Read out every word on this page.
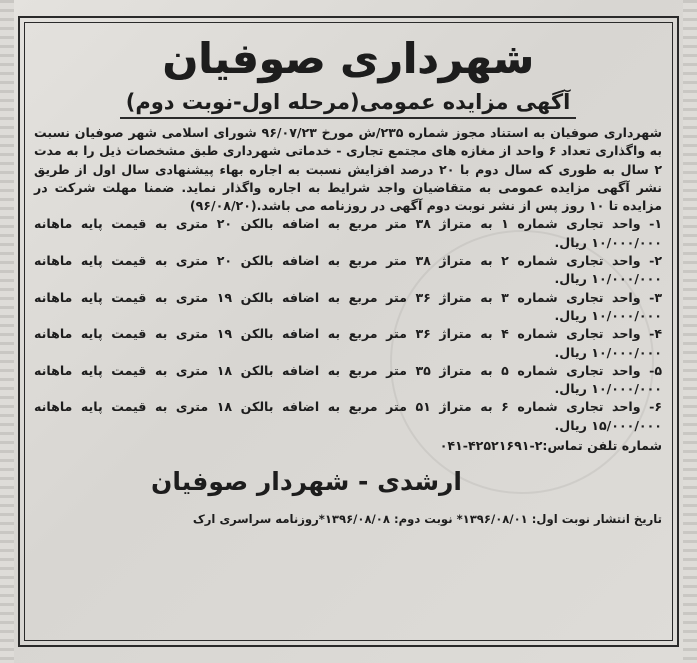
شهرداری صوفیان
آگهی مزایده عمومی(مرحله اول-نوبت دوم)
شهرداری صوفیان به استناد مجوز شماره ۲۳۵/ش مورخ ۹۶/۰۷/۲۳ شورای اسلامی شهر صوفیان نسبت به واگذاری تعداد ۶ واحد از مغازه های مجتمع تجاری - خدماتی شهرداری طبق مشخصات ذیل را به مدت ۲ سال به طوری که سال دوم با ۲۰ درصد افزایش نسبت به اجاره بهاء پیشنهادی سال اول از طریق نشر آگهی مزایده عمومی به متقاضیان واجد شرایط به اجاره واگذار نماید. ضمنا مهلت شرکت در مزایده تا ۱۰ روز پس از نشر نوبت دوم آگهی در روزنامه می باشد.(۹۶/۰۸/۲۰)
۱- واحد تجاری شماره ۱ به متراژ ۳۸ متر مربع به اضافه بالکن ۲۰ متری به قیمت پایه ماهانه
۱۰/۰۰۰/۰۰۰ ریال.
۲- واحد تجاری شماره ۲ به متراژ ۳۸ متر مربع به اضافه بالکن ۲۰ متری به قیمت پایه ماهانه
۱۰/۰۰۰/۰۰۰ ریال.
۳- واحد تجاری شماره ۳ به متراژ ۳۶ متر مربع به اضافه بالکن ۱۹ متری به قیمت پایه ماهانه
۱۰/۰۰۰/۰۰۰ ریال.
۴- واحد تجاری شماره ۴ به متراژ ۳۶ متر مربع به اضافه بالکن ۱۹ متری به قیمت پایه ماهانه
۱۰/۰۰۰/۰۰۰ ریال.
۵- واحد تجاری شماره ۵ به متراژ ۳۵ متر مربع به اضافه بالکن ۱۸ متری به قیمت پایه ماهانه
۱۰/۰۰۰/۰۰۰ ریال.
۶- واحد تجاری شماره ۶ به متراژ ۵۱ متر مربع به اضافه بالکن ۱۸ متری به قیمت پایه ماهانه
۱۵/۰۰۰/۰۰۰ ریال.
شماره تلفن تماس:۲-۴۲۵۲۱۶۹۱-۰۴۱
ارشدی - شهردار صوفیان
تاریخ انتشار نوبت اول: ۱۳۹۶/۰۸/۰۱* نوبت دوم: ۱۳۹۶/۰۸/۰۸*روزنامه سراسری ارک
